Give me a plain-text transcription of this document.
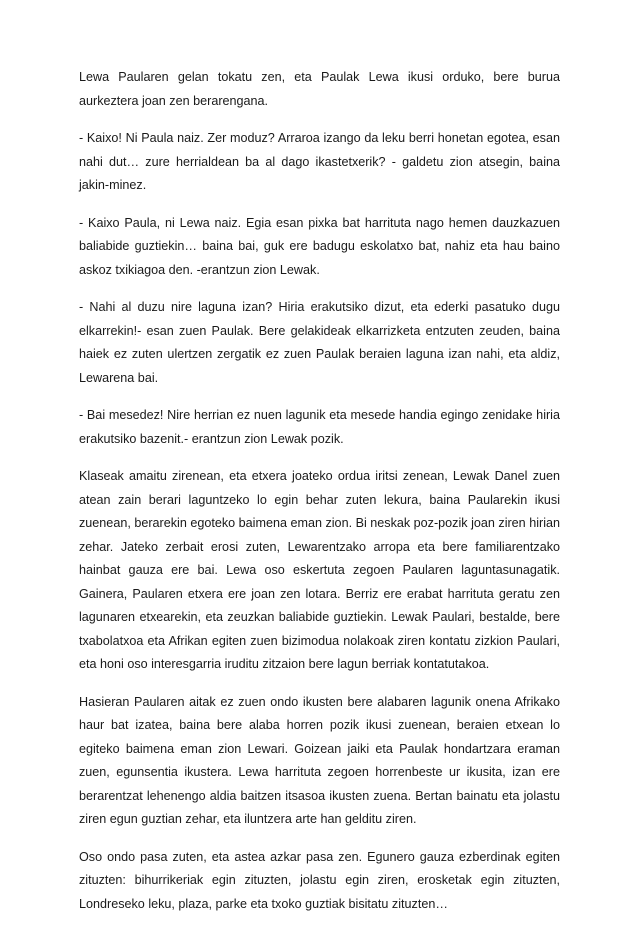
Lewa Paularen gelan tokatu zen, eta Paulak Lewa ikusi orduko, bere burua aurkeztera joan zen berarengana.

- Kaixo! Ni Paula naiz. Zer moduz? Arraroa izango da leku berri honetan egotea, esan nahi dut… zure herrialdean ba al dago ikastetxerik? - galdetu zion atsegin, baina jakin-minez.

- Kaixo Paula, ni Lewa naiz. Egia esan pixka bat harrituta nago hemen dauzkazuen baliabide guztiekin… baina bai, guk ere badugu eskolatxo bat, nahiz eta hau baino askoz txikiagoa den. -erantzun zion Lewak.

- Nahi al duzu nire laguna izan? Hiria erakutsiko dizut, eta ederki pasatuko dugu elkarrekin!- esan zuen Paulak. Bere gelakideak elkarrizketa entzuten zeuden, baina haiek ez zuten ulertzen zergatik ez zuen Paulak beraien laguna izan nahi, eta aldiz, Lewarena bai.

- Bai mesedez! Nire herrian ez nuen lagunik eta mesede handia egingo zenidake hiria erakutsiko bazenit.- erantzun zion Lewak pozik.

Klaseak amaitu zirenean, eta etxera joateko ordua iritsi zenean, Lewak Danel zuen atean zain berari laguntzeko lo egin behar zuten lekura, baina Paularekin ikusi zuenean, berarekin egoteko baimena eman zion. Bi neskak poz-pozik joan ziren hirian zehar. Jateko zerbait erosi zuten, Lewarentzako arropa eta bere familiarentzako hainbat gauza ere bai. Lewa oso eskertuta zegoen Paularen laguntasunagatik. Gainera, Paularen etxera ere joan zen lotara. Berriz ere erabat harrituta geratu zen lagunaren etxearekin, eta zeuzkan baliabide guztiekin. Lewak Paulari, bestalde, bere txabolatxoa eta Afrikan egiten zuen bizimodua nolakoak ziren kontatu zizkion Paulari, eta honi oso interesgarria iruditu zitzaion bere lagun berriak kontatutakoa.

Hasieran Paularen aitak ez zuen ondo ikusten bere alabaren lagunik onena Afrikako haur bat izatea, baina bere alaba horren pozik ikusi zuenean, beraien etxean lo egiteko baimena eman zion Lewari. Goizean jaiki eta Paulak hondartzara eraman zuen, egunsentia ikustera. Lewa harrituta zegoen horrenbeste ur ikusita, izan ere berarentzat lehenengo aldia baitzen itsasoa ikusten zuena. Bertan bainatu eta jolastu ziren egun guztian zehar, eta iluntzera arte han gelditu ziren.

Oso ondo pasa zuten, eta astea azkar pasa zen. Egunero gauza ezberdinak egiten zituzten: bihurrikeriak egin zituzten, jolastu egin ziren, erosketak egin zituzten, Londreseko leku, plaza, parke eta txoko guztiak bisitatu zituzten…
